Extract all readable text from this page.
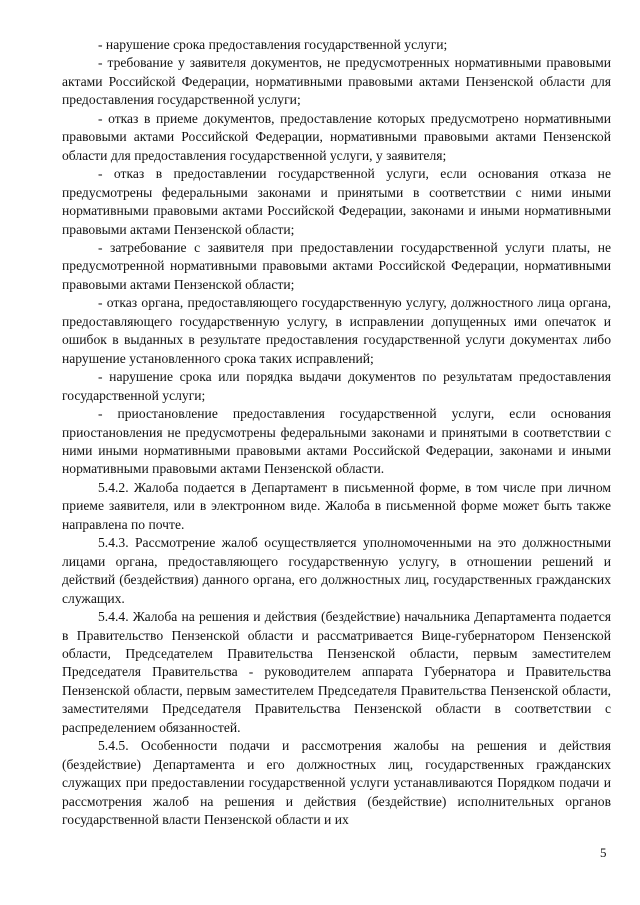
- нарушение срока предоставления государственной услуги;

- требование у заявителя документов, не предусмотренных нормативными правовыми актами Российской Федерации, нормативными правовыми актами Пензенской области для предоставления государственной услуги;

- отказ в приеме документов, предоставление которых предусмотрено нормативными правовыми актами Российской Федерации, нормативными правовыми актами Пензенской области для предоставления государственной услуги, у заявителя;

- отказ в предоставлении государственной услуги, если основания отказа не предусмотрены федеральными законами и принятыми в соответствии с ними иными нормативными правовыми актами Российской Федерации, законами и иными нормативными правовыми актами Пензенской области;

- затребование с заявителя при предоставлении государственной услуги платы, не предусмотренной нормативными правовыми актами Российской Федерации, нормативными правовыми актами Пензенской области;

- отказ органа, предоставляющего государственную услугу, должностного лица органа, предоставляющего государственную услугу, в исправлении допущенных ими опечаток и ошибок в выданных в результате предоставления государственной услуги документах либо нарушение установленного срока таких исправлений;

- нарушение срока или порядка выдачи документов по результатам предоставления государственной услуги;

- приостановление предоставления государственной услуги, если основания приостановления не предусмотрены федеральными законами и принятыми в соответствии с ними иными нормативными правовыми актами Российской Федерации, законами и иными нормативными правовыми актами Пензенской области.

5.4.2. Жалоба подается в Департамент в письменной форме, в том числе при личном приеме заявителя, или в электронном виде. Жалоба в письменной форме может быть также направлена по почте.

5.4.3. Рассмотрение жалоб осуществляется уполномоченными на это должностными лицами органа, предоставляющего государственную услугу, в отношении решений и действий (бездействия) данного органа, его должностных лиц, государственных гражданских служащих.

5.4.4. Жалоба на решения и действия (бездействие) начальника Департамента подается в Правительство Пензенской области и рассматривается Вице-губернатором Пензенской области, Председателем Правительства Пензенской области, первым заместителем Председателя Правительства - руководителем аппарата Губернатора и Правительства Пензенской области, первым заместителем Председателя Правительства Пензенской области, заместителями Председателя Правительства Пензенской области в соответствии с распределением обязанностей.

5.4.5. Особенности подачи и рассмотрения жалобы на решения и действия (бездействие) Департамента и его должностных лиц, государственных гражданских служащих при предоставлении государственной услуги устанавливаются Порядком подачи и рассмотрения жалоб на решения и действия (бездействие) исполнительных органов государственной власти Пензенской области и их

5
